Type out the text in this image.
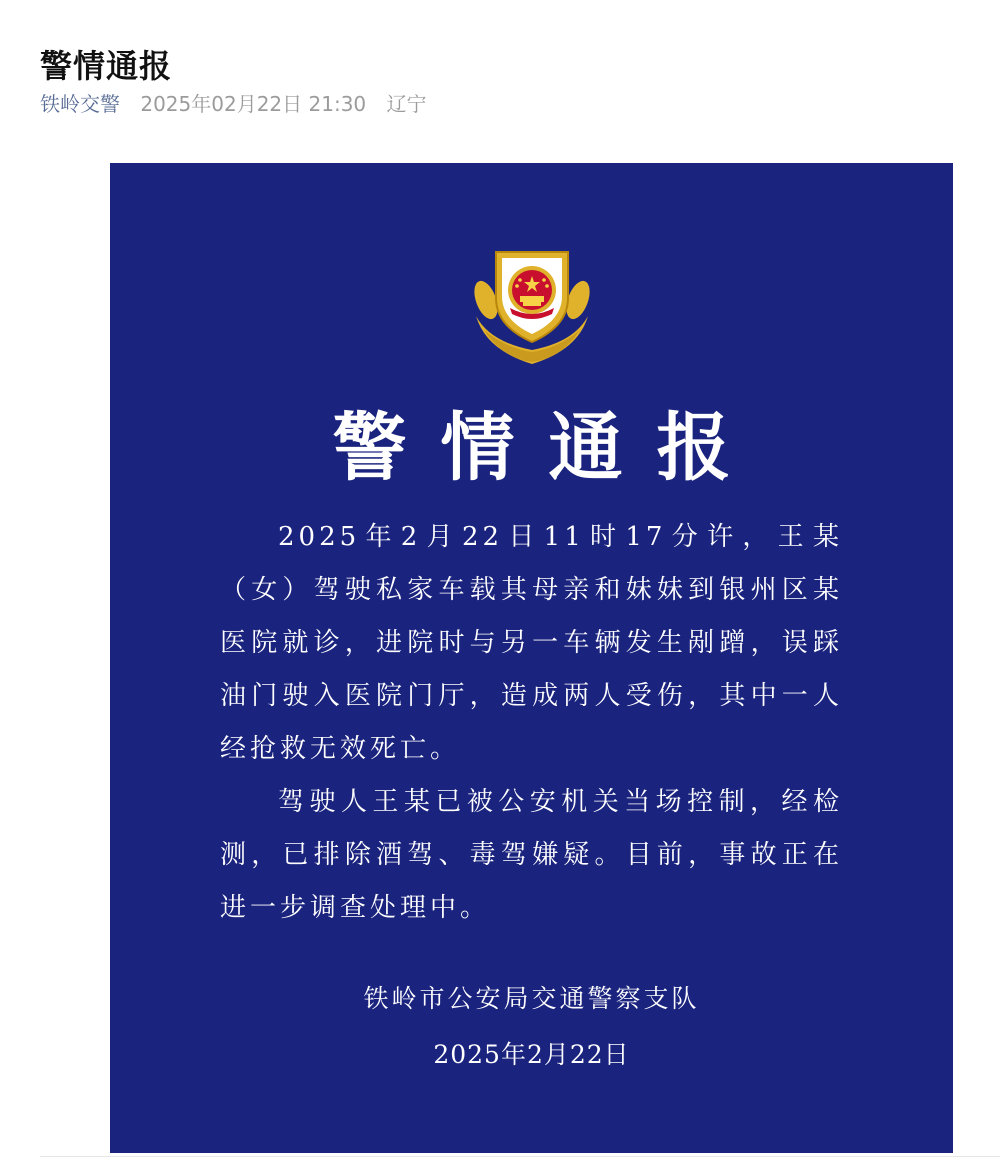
警情通报
铁岭交警 2025年02月22日 21:30 辽宁
警情通报

2025年2月22日11时17分许，王某（女）驾驶私家车载其母亲和妹妹到银州区某医院就诊，进院时与另一车辆发生剐蹭，误踩油门驶入医院门厅，造成两人受伤，其中一人经抢救无效死亡。

驾驶人王某已被公安机关当场控制，经检测，已排除酒驾、毒驾嫌疑。目前，事故正在进一步调查处理中。

铁岭市公安局交通警察支队
2025年2月22日
